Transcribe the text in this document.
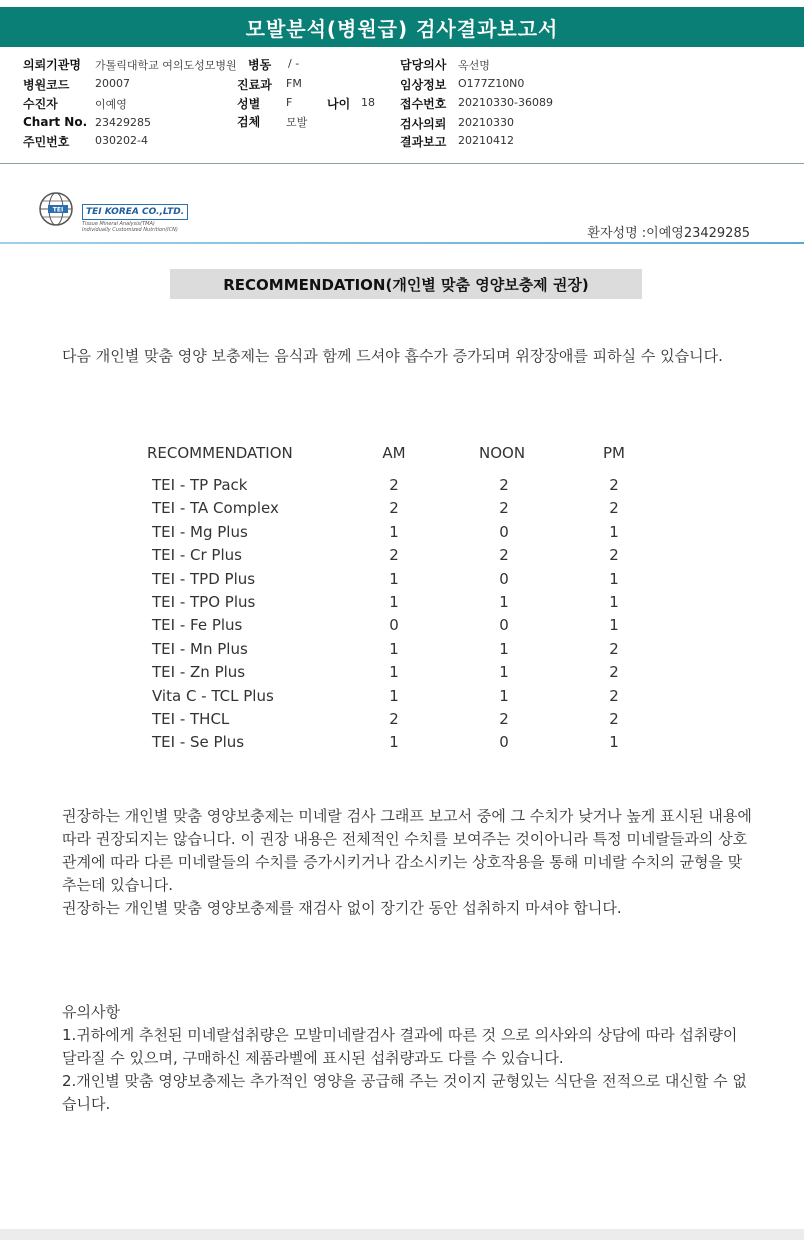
모발분석(병원급) 검사결과보고서
의뢰기관명 가톨릭대학교 여의도성모병원 병동 / -	담당의사 옥선명
병원코드 20007	진료과 FM	임상정보 O177Z10N0
수진자	이예영	성별 F	나이 18 접수번호 20210330-36089
Chart No. 23429285	검체 모발	검사의뢰 20210330
주민번호 030202-4	결과보고 20210412
TEI	TEI KOREA CO.,LTD.
Tissue Mineral Analysis(TMA)
Individually Customized Nutrition(ICN)	환자성명 :이예영23429285
RECOMMENDATION(개인별 맞춤 영양보충제 권장)
다음 개인별 맞춤 영양 보충제는 음식과 함께 드셔야 흡수가 증가되며 위장장애를 피하실 수 있습니다.
RECOMMENDATION	AM	NOON	PM
TEI - TP Pack	2	2	2
TEI - TA Complex	2	2	2
TEI - Mg Plus	1	0	1
TEI - Cr Plus	2	2	2
TEI - TPD Plus	1	0	1
TEI - TPO Plus	1	1	1
TEI - Fe Plus	0	0	1
TEI - Mn Plus	1	1	2
TEI - Zn Plus	1	1	2
Vita C - TCL Plus	1	1	2
TEI - THCL	2	2	2
TEI - Se Plus	1	0	1
권장하는 개인별 맞춤 영양보충제는 미네랄 검사 그래프 보고서 중에 그 수치가 낮거나 높게 표시된 내용에 따라 권장되지는 않습니다. 이 권장 내용은 전체적인 수치를 보여주는 것이아니라 특정 미네랄들과의 상호관계에 따라 다른 미네랄들의 수치를 증가시키거나 감소시키는 상호작용을 통해 미네랄 수치의 균형을 맞추는데 있습니다.
권장하는 개인별 맞춤 영양보충제를 재검사 없이 장기간 동안 섭취하지 마셔야 합니다.
유의사항
1.귀하에게 추천된 미네랄섭취량은 모발미네랄검사 결과에 따른 것 으로 의사와의 상담에 따라 섭취량이 달라질 수 있으며, 구매하신 제품라벨에 표시된 섭취량과도 다를 수 있습니다.
2.개인별 맞춤 영양보충제는 추가적인 영양을 공급해 주는 것이지 균형있는 식단을 전적으로 대신할 수 없습니다.
